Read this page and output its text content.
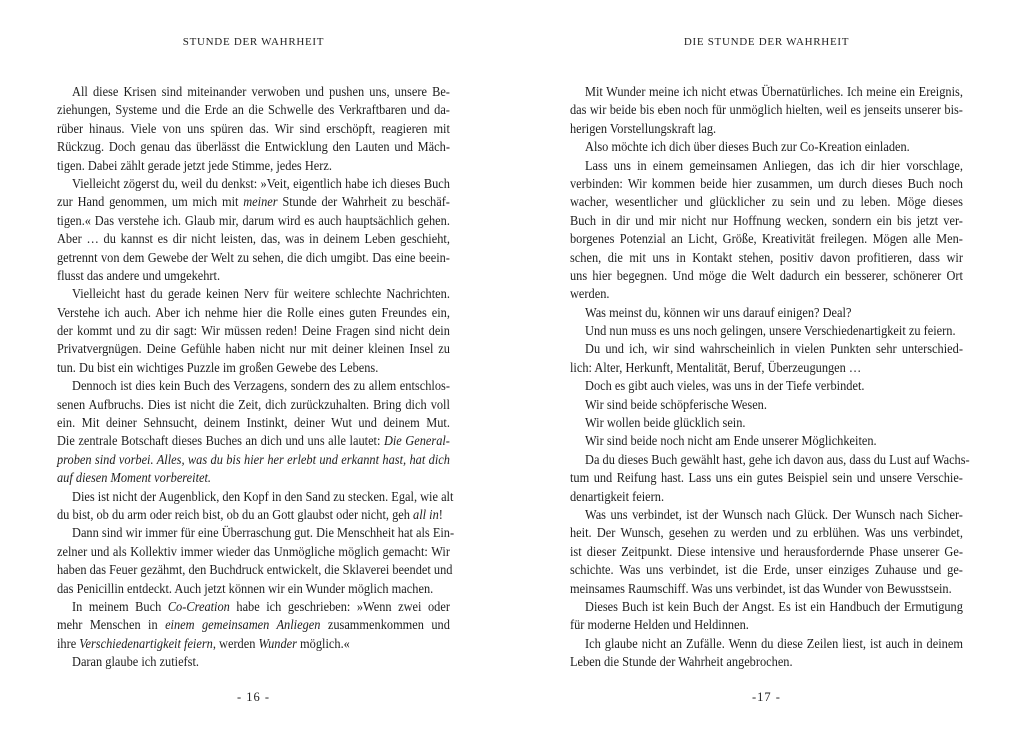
STUNDE DER WAHRHEIT
All diese Krisen sind miteinander verwoben und pushen uns, unsere Be-
ziehungen, Systeme und die Erde an die Schwelle des Verkraftbaren und da-
rüber hinaus. Viele von uns spüren das. Wir sind erschöpft, reagieren mit
Rückzug. Doch genau das überlässt die Entwicklung den Lauten und Mäch-
tigen. Dabei zählt gerade jetzt jede Stimme, jedes Herz.
Vielleicht zögerst du, weil du denkst: »Veit, eigentlich habe ich dieses Buch
zur Hand genommen, um mich mit meiner Stunde der Wahrheit zu beschäf-
tigen.« Das verstehe ich. Glaub mir, darum wird es auch hauptsächlich gehen.
Aber … du kannst es dir nicht leisten, das, was in deinem Leben geschieht,
getrennt von dem Gewebe der Welt zu sehen, die dich umgibt. Das eine beein-
flusst das andere und umgekehrt.
Vielleicht hast du gerade keinen Nerv für weitere schlechte Nachrichten.
Verstehe ich auch. Aber ich nehme hier die Rolle eines guten Freundes ein,
der kommt und zu dir sagt: Wir müssen reden! Deine Fragen sind nicht dein
Privatvergnügen. Deine Gefühle haben nicht nur mit deiner kleinen Insel zu
tun. Du bist ein wichtiges Puzzle im großen Gewebe des Lebens.
Dennoch ist dies kein Buch des Verzagens, sondern des zu allem entschlos-
senen Aufbruchs. Dies ist nicht die Zeit, dich zurückzuhalten. Bring dich voll
ein. Mit deiner Sehnsucht, deinem Instinkt, deiner Wut und deinem Mut.
Die zentrale Botschaft dieses Buches an dich und uns alle lautet: Die General-
proben sind vorbei. Alles, was du bis hier her erlebt und erkannt hast, hat dich
auf diesen Moment vorbereitet.
Dies ist nicht der Augenblick, den Kopf in den Sand zu stecken. Egal, wie alt
du bist, ob du arm oder reich bist, ob du an Gott glaubst oder nicht, geh all in!
Dann sind wir immer für eine Überraschung gut. Die Menschheit hat als Ein-
zelner und als Kollektiv immer wieder das Unmögliche möglich gemacht: Wir
haben das Feuer gezähmt, den Buchdruck entwickelt, die Sklaverei beendet und
das Penicillin entdeckt. Auch jetzt können wir ein Wunder möglich machen.
In meinem Buch Co-Creation habe ich geschrieben: »Wenn zwei oder
mehr Menschen in einem gemeinsamen Anliegen zusammenkommen und
ihre Verschiedenartigkeit feiern, werden Wunder möglich.«
Daran glaube ich zutiefst.
- 16 -
DIE STUNDE DER WAHRHEIT
Mit Wunder meine ich nicht etwas Übernatürliches. Ich meine ein Ereignis,
das wir beide bis eben noch für unmöglich hielten, weil es jenseits unserer bis-
herigen Vorstellungskraft lag.
Also möchte ich dich über dieses Buch zur Co-Kreation einladen.
Lass uns in einem gemeinsamen Anliegen, das ich dir hier vorschlage,
verbinden: Wir kommen beide hier zusammen, um durch dieses Buch noch
wacher, wesentlicher und glücklicher zu sein und zu leben. Möge dieses
Buch in dir und mir nicht nur Hoffnung wecken, sondern ein bis jetzt ver-
borgenes Potenzial an Licht, Größe, Kreativität freilegen. Mögen alle Men-
schen, die mit uns in Kontakt stehen, positiv davon profitieren, dass wir
uns hier begegnen. Und möge die Welt dadurch ein besserer, schönerer Ort
werden.
Was meinst du, können wir uns darauf einigen? Deal?
Und nun muss es uns noch gelingen, unsere Verschiedenartigkeit zu feiern.
Du und ich, wir sind wahrscheinlich in vielen Punkten sehr unterschied-
lich: Alter, Herkunft, Mentalität, Beruf, Überzeugungen …
Doch es gibt auch vieles, was uns in der Tiefe verbindet.
Wir sind beide schöpferische Wesen.
Wir wollen beide glücklich sein.
Wir sind beide noch nicht am Ende unserer Möglichkeiten.
Da du dieses Buch gewählt hast, gehe ich davon aus, dass du Lust auf Wachs-
tum und Reifung hast. Lass uns ein gutes Beispiel sein und unsere Verschie-
denartigkeit feiern.
Was uns verbindet, ist der Wunsch nach Glück. Der Wunsch nach Sicher-
heit. Der Wunsch, gesehen zu werden und zu erblühen. Was uns verbindet,
ist dieser Zeitpunkt. Diese intensive und herausfordernde Phase unserer Ge-
schichte. Was uns verbindet, ist die Erde, unser einziges Zuhause und ge-
meinsames Raumschiff. Was uns verbindet, ist das Wunder von Bewusstsein.
Dieses Buch ist kein Buch der Angst. Es ist ein Handbuch der Ermutigung
für moderne Helden und Heldinnen.
Ich glaube nicht an Zufälle. Wenn du diese Zeilen liest, ist auch in deinem
Leben die Stunde der Wahrheit angebrochen.
-17 -
